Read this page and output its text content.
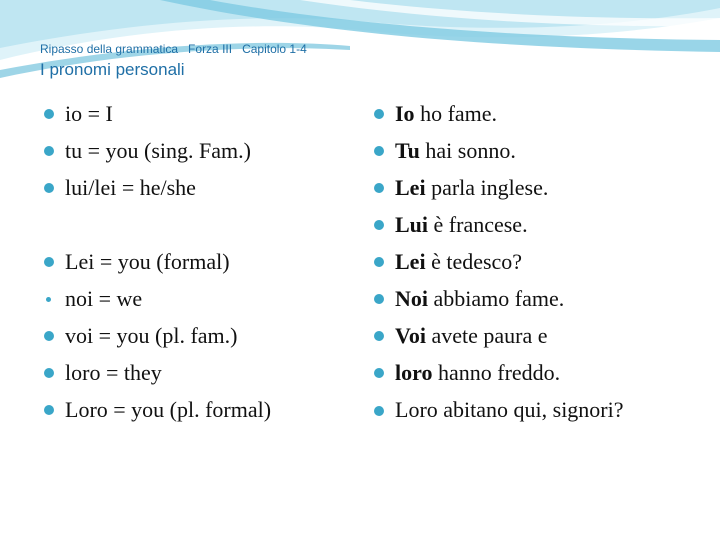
Ripasso della grammatica   Forza III   Capitolo 1-4
I pronomi personali
io = I
tu = you (sing. Fam.)
lui/lei = he/she
Lei = you (formal)
noi = we
voi = you (pl. fam.)
loro = they
Loro = you (pl. formal)
Io ho fame.
Tu hai sonno.
Lei parla inglese.
Lui è francese.
Lei è tedesco?
Noi abbiamo fame.
Voi avete paura e
loro hanno freddo.
Loro abitano qui, signori?
